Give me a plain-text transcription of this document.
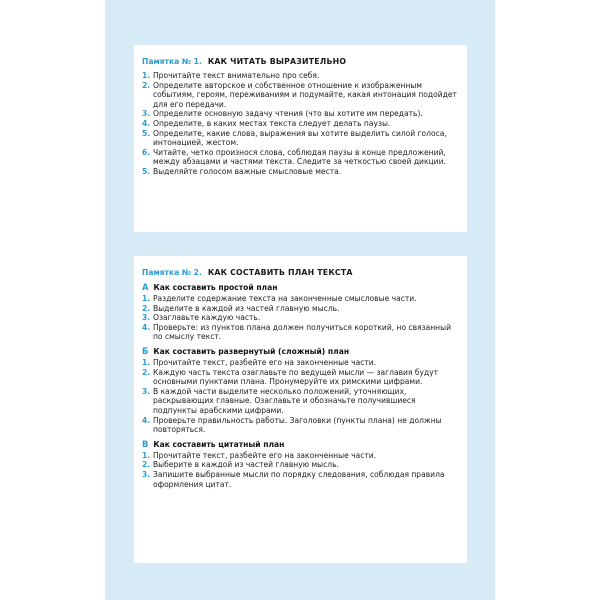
Памятка № 1. КАК ЧИТАТЬ ВЫРАЗИТЕЛЬНО
1. Прочитайте текст внимательно про себя.
2. Определите авторское и собственное отношение к изображенным событиям, героям, переживаниям и подумайте, какая интонация подойдет для его передачи.
3. Определите основную задачу чтения (что вы хотите им передать).
4. Определите, в каких местах текста следует делать паузы.
5. Определите, какие слова, выражения вы хотите выделить силой голоса, интонацией, жестом.
6. Читайте, четко произнося слова, соблюдая паузы в конце предложений, между абзацами и частями текста. Следите за четкостью своей дикции.
5. Выделяйте голосом важные смысловые места.
Памятка № 2. КАК СОСТАВИТЬ ПЛАН ТЕКСТА
А Как составить простой план
1. Разделите содержание текста на законченные смысловые части.
2. Выделите в каждой из частей главную мысль.
3. Озаглавьте каждую часть.
4. Проверьте: из пунктов плана должен получиться короткий, но связанный по смыслу текст.
Б Как составить развернутый (сложный) план
1. Прочитайте текст, разбейте его на законченные части.
2. Каждую часть текста озаглавьте по ведущей мысли — заглавия будут основными пунктами плана. Пронумеруйте их римскими цифрами.
3. В каждой части выделите несколько положений, уточняющих, раскрывающих главные. Озаглавьте и обозначьте получившиеся подпункты арабскими цифрами.
4. Проверьте правильность работы. Заголовки (пункты плана) не должны повторяться.
В Как составить цитатный план
1. Прочитайте текст, разбейте его на законченные части.
2. Выберите в каждой из частей главную мысль.
3. Запишите выбранные мысли по порядку следования, соблюдая правила оформления цитат.
